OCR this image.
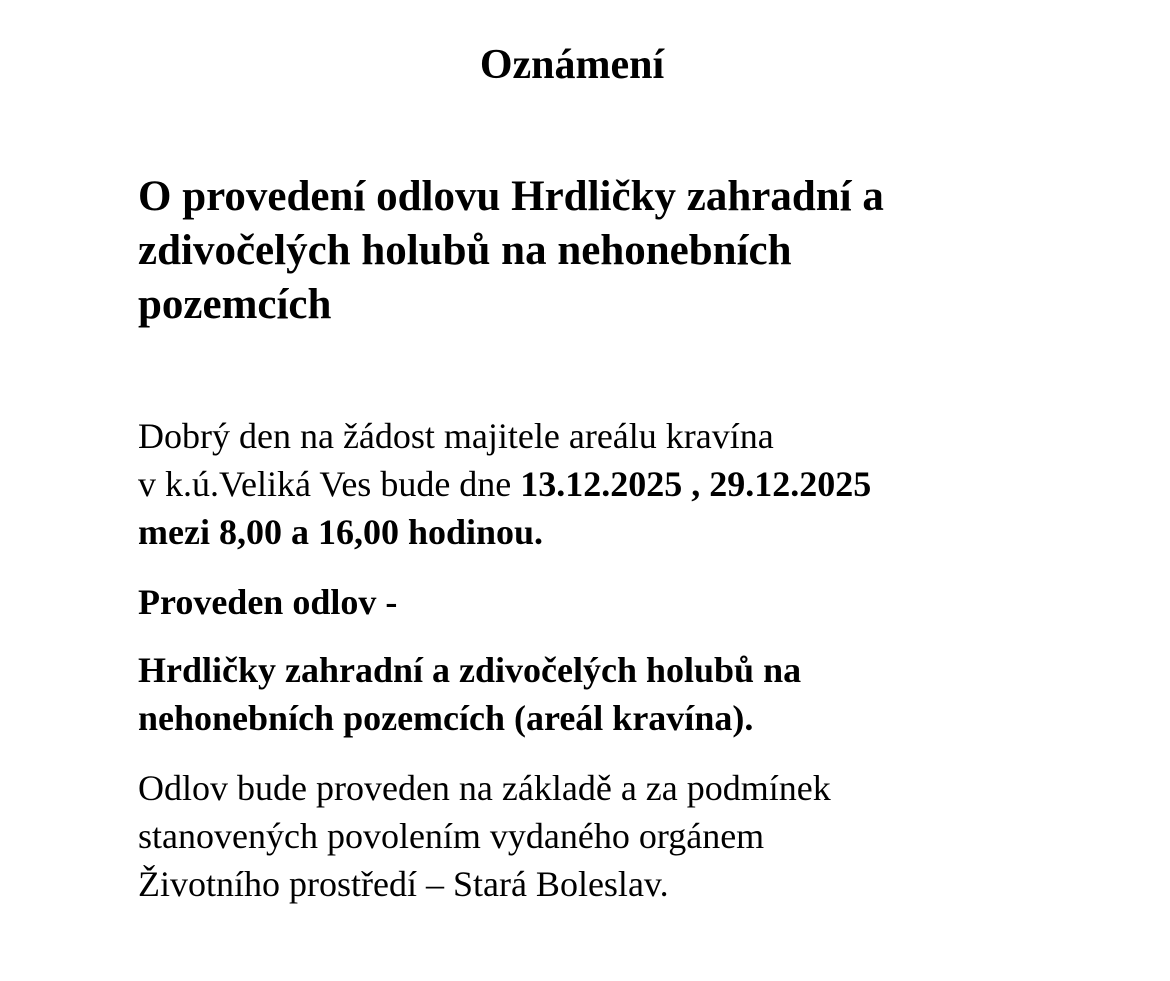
Oznámení
O provedení odlovu Hrdličky zahradní a
zdivočelých holubů na nehonebních
pozemcích
Dobrý den na žádost majitele areálu kravína
v k.ú.Veliká Ves bude dne 13.12.2025 , 29.12.2025
mezi 8,00 a 16,00 hodinou.
Proveden odlov -
Hrdličky zahradní a zdivočelých holubů na
nehonebních pozemcích (areál kravína).
Odlov bude proveden na základě a za podmínek
stanovených povolením vydaného orgánem
Životního prostředí – Stará Boleslav.
